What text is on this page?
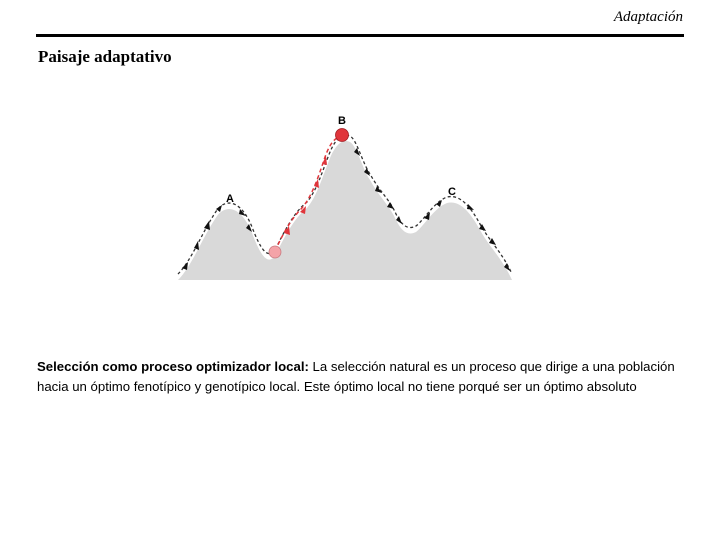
Adaptación
Paisaje adaptativo
A
B
C
Selección como proceso optimizador local: La selección natural es un proceso que dirige a una población hacia un óptimo fenotípico y genotípico local. Este óptimo local no tiene porqué ser un óptimo absoluto
